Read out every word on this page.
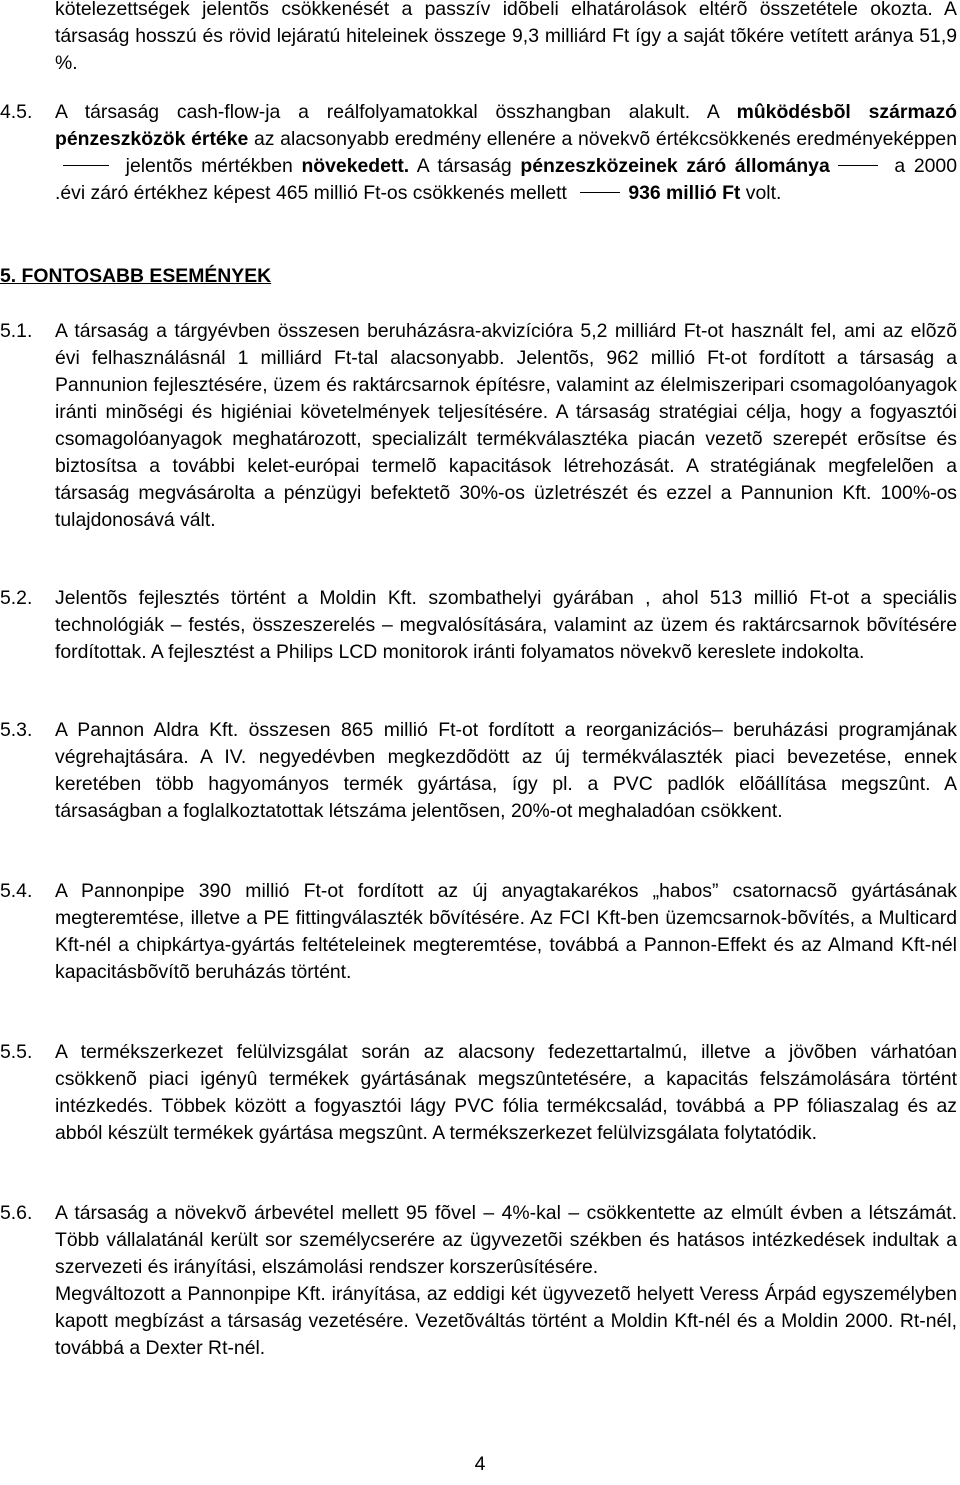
kötelezettségek jelentõs csökkenését a passzív idõbeli elhatárolások eltérõ összetétele okozta. A társaság hosszú és rövid lejáratú hiteleinek összege 9,3 milliárd Ft így a saját tõkére vetített aránya 51,9 %.

4.5.	A társaság cash-flow-ja a reálfolyamatokkal összhangban alakult. A mûködésbõl származó pénzeszközök értéke az alacsonyabb eredmény ellenére a növekvõ értékcsökkenés eredményeképpen  jelentõs mértékben növekedett. A társaság pénzeszközeinek záró állománya	a 2000 .évi záró értékhez képest 465 millió Ft-os csökkenés mellett	936 millió Ft volt.
5. FONTOSABB ESEMÉNYEK
5.1.	A társaság a tárgyévben összesen beruházásra-akvizícióra 5,2 milliárd Ft-ot használt fel, ami az elõzõ évi felhasználásnál 1 milliárd Ft-tal alacsonyabb. Jelentõs, 962 millió Ft-ot fordított a társaság a Pannunion fejlesztésére, üzem és raktárcsarnok építésre, valamint az élelmiszeripari csomagolóanyagok iránti minõségi és higiéniai követelmények teljesítésére. A társaság stratégiai célja, hogy a fogyasztói csomagolóanyagok meghatározott, specializált termékválasztéka piacán vezetõ szerepét erõsítse és biztosítsa a további kelet-európai termelõ kapacitások létrehozását. A stratégiának megfelelõen a társaság megvásárolta a pénzügyi befektetõ 30%-os üzletrészét és ezzel a Pannunion Kft. 100%-os tulajdonosává vált.
5.2.	Jelentõs fejlesztés történt a Moldin Kft. szombathelyi gyárában , ahol 513 millió Ft-ot a speciális technológiák – festés, összeszerelés – megvalósítására, valamint az üzem és raktárcsarnok bõvítésére fordítottak. A fejlesztést a Philips LCD monitorok iránti folyamatos növekvõ kereslete indokolta.
5.3.	A Pannon Aldra Kft. összesen 865 millió Ft-ot fordított a reorganizációs– beruházási programjának végrehajtására. A IV. negyedévben megkezdõdött az új termékválaszték piaci bevezetése, ennek keretében több hagyományos termék gyártása, így pl. a PVC padlók elõállítása megszûnt. A társaságban a foglalkoztatottak létszáma jelentõsen, 20%-ot meghaladóan csökkent.
5.4.	A Pannonpipe 390 millió Ft-ot fordított az új anyagtakarékos „habos” csatornacsõ gyártásának megteremtése, illetve a PE fittingválaszték bõvítésére. Az FCI Kft-ben üzemcsarnok-bõvítés, a Multicard Kft-nél a chipkártya-gyártás feltételeinek megteremtése, továbbá a Pannon-Effekt és az Almand Kft-nél kapacitásbõvítõ beruházás történt.
5.5.	A termékszerkezet felülvizsgálat során az alacsony fedezettartalmú, illetve a jövõben várhatóan csökkenõ piaci igényû termékek gyártásának megszûntetésére, a kapacitás felszámolására történt intézkedés. Többek között a fogyasztói lágy PVC fólia termékcsalád, továbbá a PP fóliaszalag és az abból készült termékek gyártása megszûnt. A termékszerkezet felülvizsgálata folytatódik.
5.6.	A társaság a növekvõ árbevétel mellett 95 fõvel – 4%-kal – csökkentette az elmúlt évben a létszámát. Több vállalatánál került sor személycserére az ügyvezetõi székben és hatásos intézkedések indultak a szervezeti és irányítási, elszámolási rendszer korszerûsítésére.
Megváltozott a Pannonpipe Kft. irányítása, az eddigi két ügyvezetõ helyett Veress Árpád egyszemélyben kapott megbízást a társaság vezetésére. Vezetõváltás történt a Moldin Kft-nél és a Moldin 2000. Rt-nél, továbbá a Dexter Rt-nél.
4
